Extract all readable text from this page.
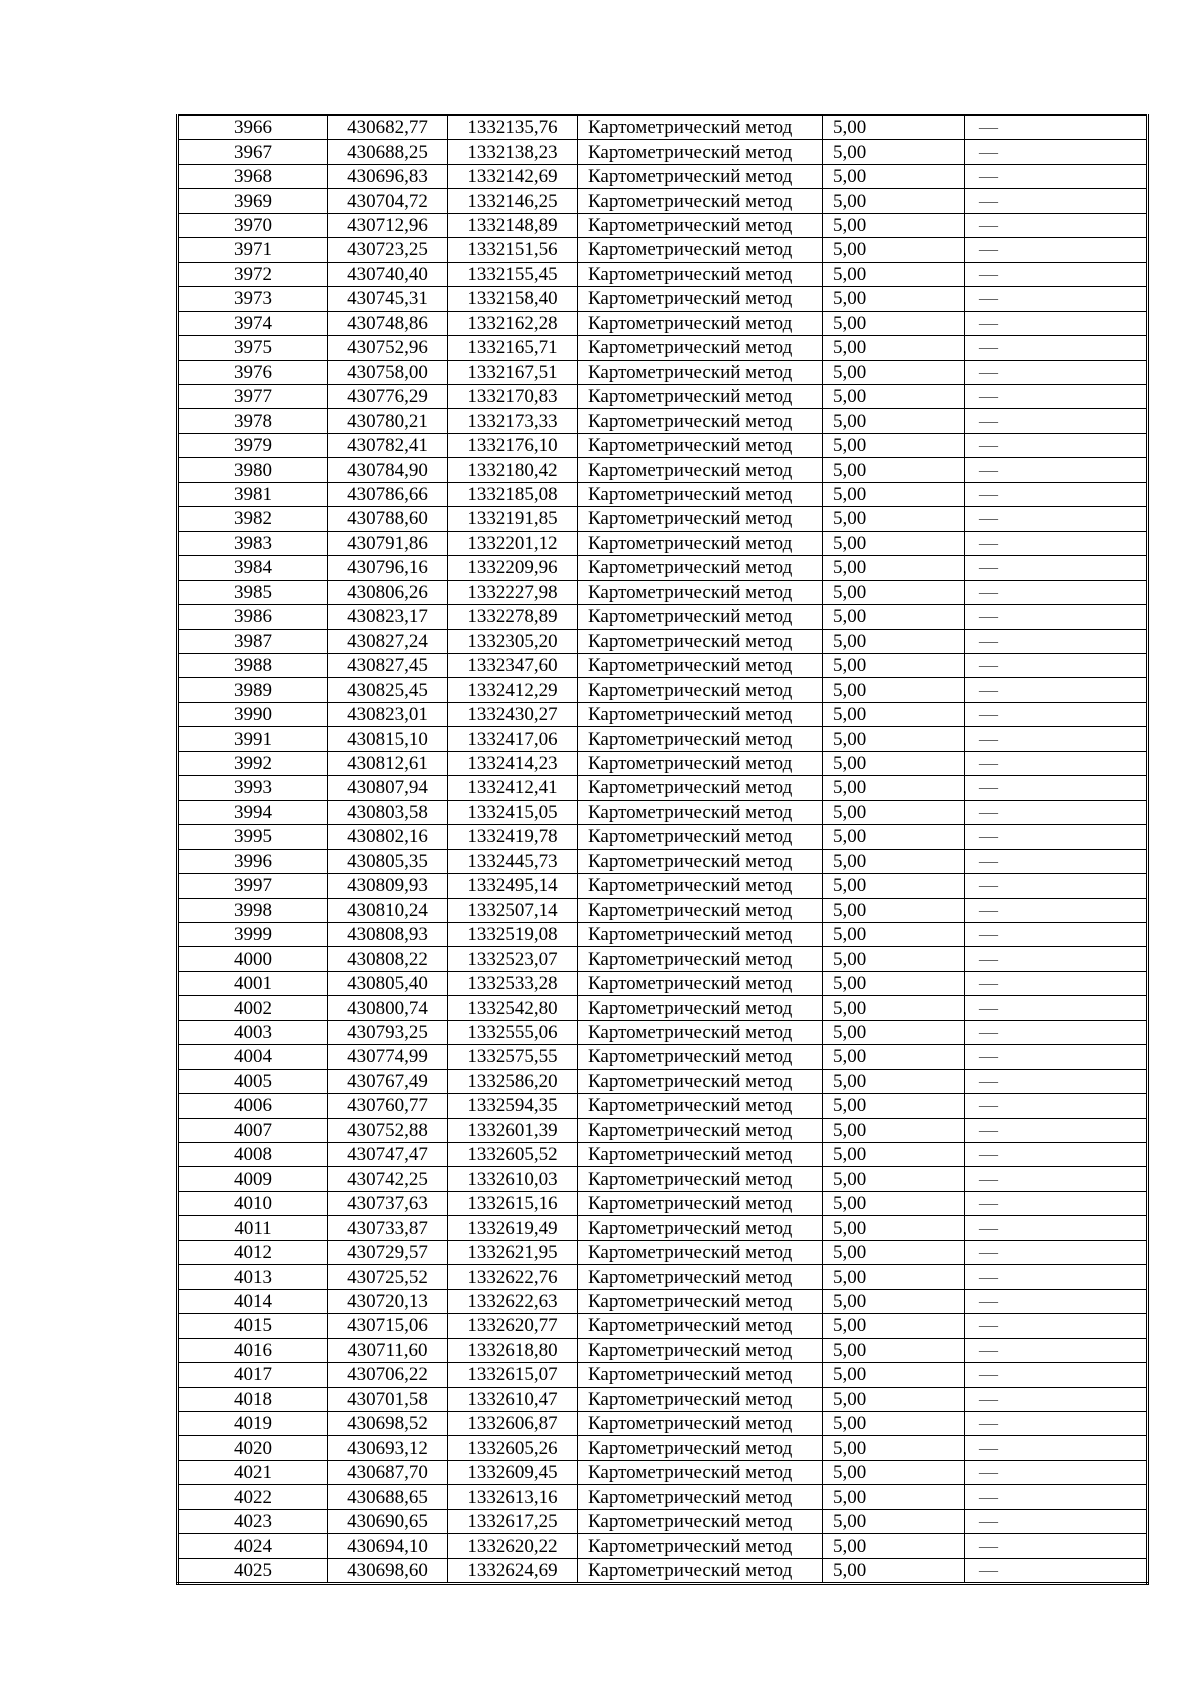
3966	430682,77	1332135,76	Картометрический метод	5,00	—
3967	430688,25	1332138,23	Картометрический метод	5,00	—
3968	430696,83	1332142,69	Картометрический метод	5,00	—
3969	430704,72	1332146,25	Картометрический метод	5,00	—
3970	430712,96	1332148,89	Картометрический метод	5,00	—
3971	430723,25	1332151,56	Картометрический метод	5,00	—
3972	430740,40	1332155,45	Картометрический метод	5,00	—
3973	430745,31	1332158,40	Картометрический метод	5,00	—
3974	430748,86	1332162,28	Картометрический метод	5,00	—
3975	430752,96	1332165,71	Картометрический метод	5,00	—
3976	430758,00	1332167,51	Картометрический метод	5,00	—
3977	430776,29	1332170,83	Картометрический метод	5,00	—
3978	430780,21	1332173,33	Картометрический метод	5,00	—
3979	430782,41	1332176,10	Картометрический метод	5,00	—
3980	430784,90	1332180,42	Картометрический метод	5,00	—
3981	430786,66	1332185,08	Картометрический метод	5,00	—
3982	430788,60	1332191,85	Картометрический метод	5,00	—
3983	430791,86	1332201,12	Картометрический метод	5,00	—
3984	430796,16	1332209,96	Картометрический метод	5,00	—
3985	430806,26	1332227,98	Картометрический метод	5,00	—
3986	430823,17	1332278,89	Картометрический метод	5,00	—
3987	430827,24	1332305,20	Картометрический метод	5,00	—
3988	430827,45	1332347,60	Картометрический метод	5,00	—
3989	430825,45	1332412,29	Картометрический метод	5,00	—
3990	430823,01	1332430,27	Картометрический метод	5,00	—
3991	430815,10	1332417,06	Картометрический метод	5,00	—
3992	430812,61	1332414,23	Картометрический метод	5,00	—
3993	430807,94	1332412,41	Картометрический метод	5,00	—
3994	430803,58	1332415,05	Картометрический метод	5,00	—
3995	430802,16	1332419,78	Картометрический метод	5,00	—
3996	430805,35	1332445,73	Картометрический метод	5,00	—
3997	430809,93	1332495,14	Картометрический метод	5,00	—
3998	430810,24	1332507,14	Картометрический метод	5,00	—
3999	430808,93	1332519,08	Картометрический метод	5,00	—
4000	430808,22	1332523,07	Картометрический метод	5,00	—
4001	430805,40	1332533,28	Картометрический метод	5,00	—
4002	430800,74	1332542,80	Картометрический метод	5,00	—
4003	430793,25	1332555,06	Картометрический метод	5,00	—
4004	430774,99	1332575,55	Картометрический метод	5,00	—
4005	430767,49	1332586,20	Картометрический метод	5,00	—
4006	430760,77	1332594,35	Картометрический метод	5,00	—
4007	430752,88	1332601,39	Картометрический метод	5,00	—
4008	430747,47	1332605,52	Картометрический метод	5,00	—
4009	430742,25	1332610,03	Картометрический метод	5,00	—
4010	430737,63	1332615,16	Картометрический метод	5,00	—
4011	430733,87	1332619,49	Картометрический метод	5,00	—
4012	430729,57	1332621,95	Картометрический метод	5,00	—
4013	430725,52	1332622,76	Картометрический метод	5,00	—
4014	430720,13	1332622,63	Картометрический метод	5,00	—
4015	430715,06	1332620,77	Картометрический метод	5,00	—
4016	430711,60	1332618,80	Картометрический метод	5,00	—
4017	430706,22	1332615,07	Картометрический метод	5,00	—
4018	430701,58	1332610,47	Картометрический метод	5,00	—
4019	430698,52	1332606,87	Картометрический метод	5,00	—
4020	430693,12	1332605,26	Картометрический метод	5,00	—
4021	430687,70	1332609,45	Картометрический метод	5,00	—
4022	430688,65	1332613,16	Картометрический метод	5,00	—
4023	430690,65	1332617,25	Картометрический метод	5,00	—
4024	430694,10	1332620,22	Картометрический метод	5,00	—
4025	430698,60	1332624,69	Картометрический метод	5,00	—
